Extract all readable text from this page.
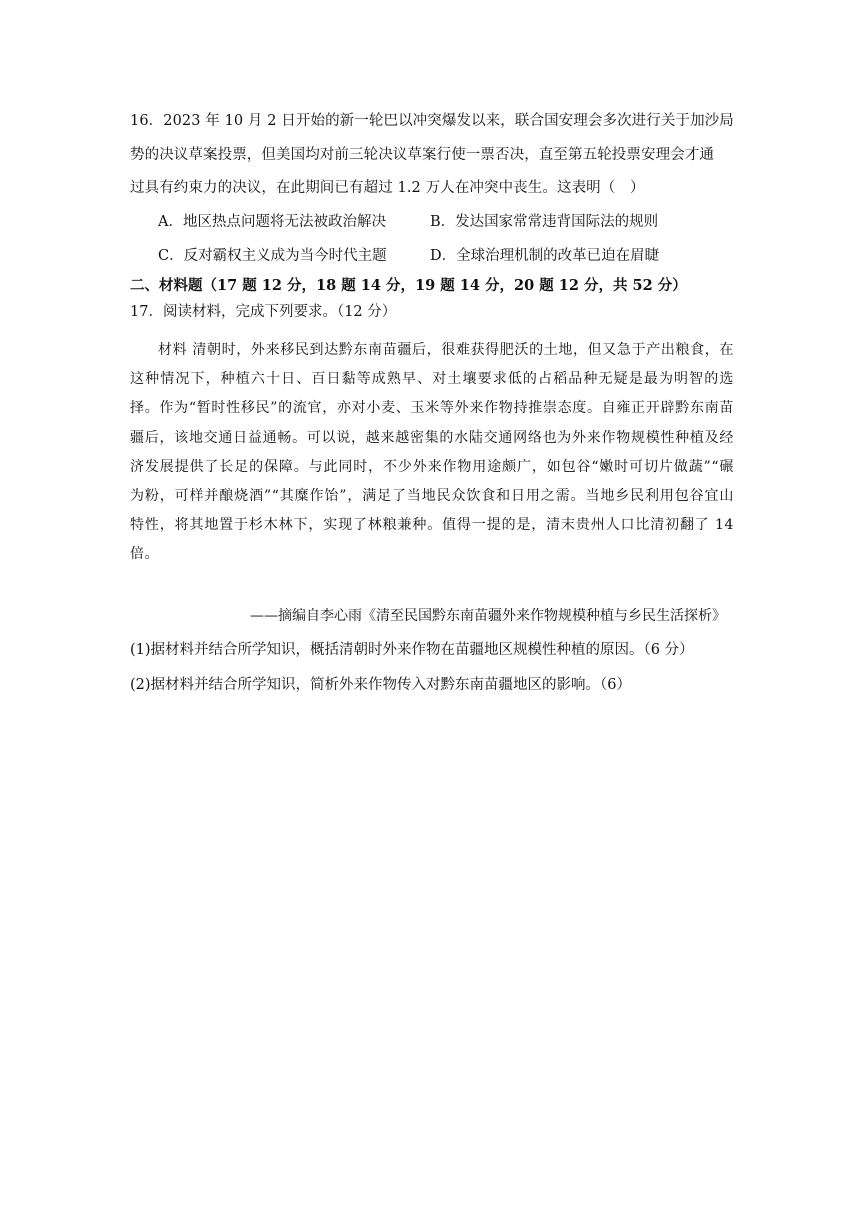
16．2023 年 10 月 2 日开始的新一轮巴以冲突爆发以来，联合国安理会多次进行关于加沙局
势的决议草案投票，但美国均对前三轮决议草案行使一票否决，直至第五轮投票安理会才通
过具有约束力的决议，在此期间已有超过 1.2 万人在冲突中丧生。这表明（　）
A．地区热点问题将无法被政治解决	B．发达国家常常违背国际法的规则
C．反对霸权主义成为当今时代主题	D．全球治理机制的改革已迫在眉睫
二、材料题（17 题 12 分，18 题 14 分，19 题 14 分，20 题 12 分，共 52 分）
17．阅读材料，完成下列要求。（12 分）
材料 清朝时，外来移民到达黔东南苗疆后，很难获得肥沃的土地，但又急于产出粮食，在这种情况下，种植六十日、百日黏等成熟早、对土壤要求低的占稻品种无疑是最为明智的选择。作为“暂时性移民”的流官，亦对小麦、玉米等外来作物持推崇态度。自雍正开辟黔东南苗疆后，该地交通日益通畅。可以说，越来越密集的水陆交通网络也为外来作物规模性种植及经济发展提供了长足的保障。与此同时，不少外来作物用途颇广，如包谷“嫩时可切片做蔬”“碾为粉，可样并酿烧酒”“其糜作饴”，满足了当地民众饮食和日用之需。当地乡民利用包谷宜山特性，将其地置于杉木林下，实现了林粮兼种。值得一提的是，清末贵州人口比清初翻了 14 倍。
——摘编自李心雨《清至民国黔东南苗疆外来作物规模种植与乡民生活探析》
(1)据材料并结合所学知识，概括清朝时外来作物在苗疆地区规模性种植的原因。（6 分）
(2)据材料并结合所学知识，简析外来作物传入对黔东南苗疆地区的影响。（6）
